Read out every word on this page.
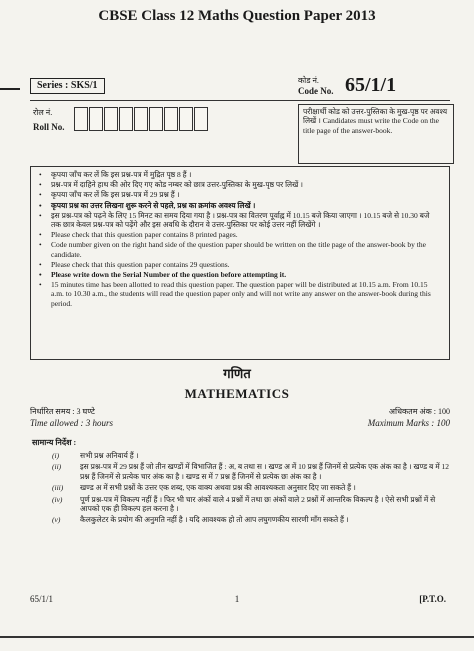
CBSE Class 12 Maths Question Paper 2013
Series : SKS/1	कोड नं.
Code No. 65/1/1
रोल नं.
Roll No.
परीक्षार्थी कोड को उत्तर-पुस्तिका के मुख-पृष्ठ पर अवश्य लिखें । Candidates must write the Code on the title page of the answer-book.
• कृपया जाँच कर लें कि इस प्रश्न-पत्र में मुद्रित पृष्ठ 8 हैं ।
• प्रश्न-पत्र में दाहिने हाथ की ओर दिए गए कोड नम्बर को छात्र उत्तर-पुस्तिका के मुख-पृष्ठ पर लिखें ।
• कृपया जाँच कर लें कि इस प्रश्न-पत्र में 29 प्रश्न हैं ।
• कृपया प्रश्न का उत्तर लिखना शुरू करने से पहले, प्रश्न का क्रमांक अवश्य लिखें ।
• इस प्रश्न-पत्र को पढ़ने के लिए 15 मिनट का समय दिया गया है । प्रश्न-पत्र का वितरण पूर्वाह्न में 10.15 बजे किया जाएगा । 10.15 बजे से 10.30 बजे तक छात्र केवल प्रश्न-पत्र को पढ़ेंगे और इस अवधि के दौरान वे उत्तर-पुस्तिका पर कोई उत्तर नहीं लिखेंगे ।
• Please check that this question paper contains 8 printed pages.
• Code number given on the right hand side of the question paper should be written on the title page of the answer-book by the candidate.
• Please check that this question paper contains 29 questions.
• Please write down the Serial Number of the question before attempting it.
• 15 minutes time has been allotted to read this question paper. The question paper will be distributed at 10.15 a.m. From 10.15 a.m. to 10.30 a.m., the students will read the question paper only and will not write any answer on the answer-book during this period.
गणित
MATHEMATICS
निर्धारित समय : 3 घण्टे
Time allowed : 3 hours
अधिकतम अंक : 100
Maximum Marks : 100
सामान्य निर्देश :
(i)	सभी प्रश्न अनिवार्य हैं ।
(ii)	इस प्रश्न-पत्र में 29 प्रश्न हैं जो तीन खण्डों में विभाजित हैं : अ, ब तथा स । खण्ड अ में 10 प्रश्न हैं जिनमें से प्रत्येक एक अंक का है । खण्ड ब में 12 प्रश्न हैं जिनमें से प्रत्येक चार अंक का है । खण्ड स में 7 प्रश्न हैं जिनमें से प्रत्येक छः अंक का है ।
(iii)	खण्ड अ में सभी प्रश्नों के उत्तर एक शब्द, एक वाक्य अथवा प्रश्न की आवश्यकता अनुसार दिए जा सकते हैं ।
(iv)	पूर्ण प्रश्न-पत्र में विकल्प नहीं हैं । फिर भी चार अंकों वाले 4 प्रश्नों में तथा छः अंकों वाले 2 प्रश्नों में आन्तरिक विकल्प है । ऐसे सभी प्रश्नों में से आपको एक ही विकल्प हल करना है ।
(v)	कैलकुलेटर के प्रयोग की अनुमति नहीं है । यदि आवश्यक हो तो आप लघुगणकीय सारणी माँग सकते हैं ।
65/1/1	1	[P.T.O.
